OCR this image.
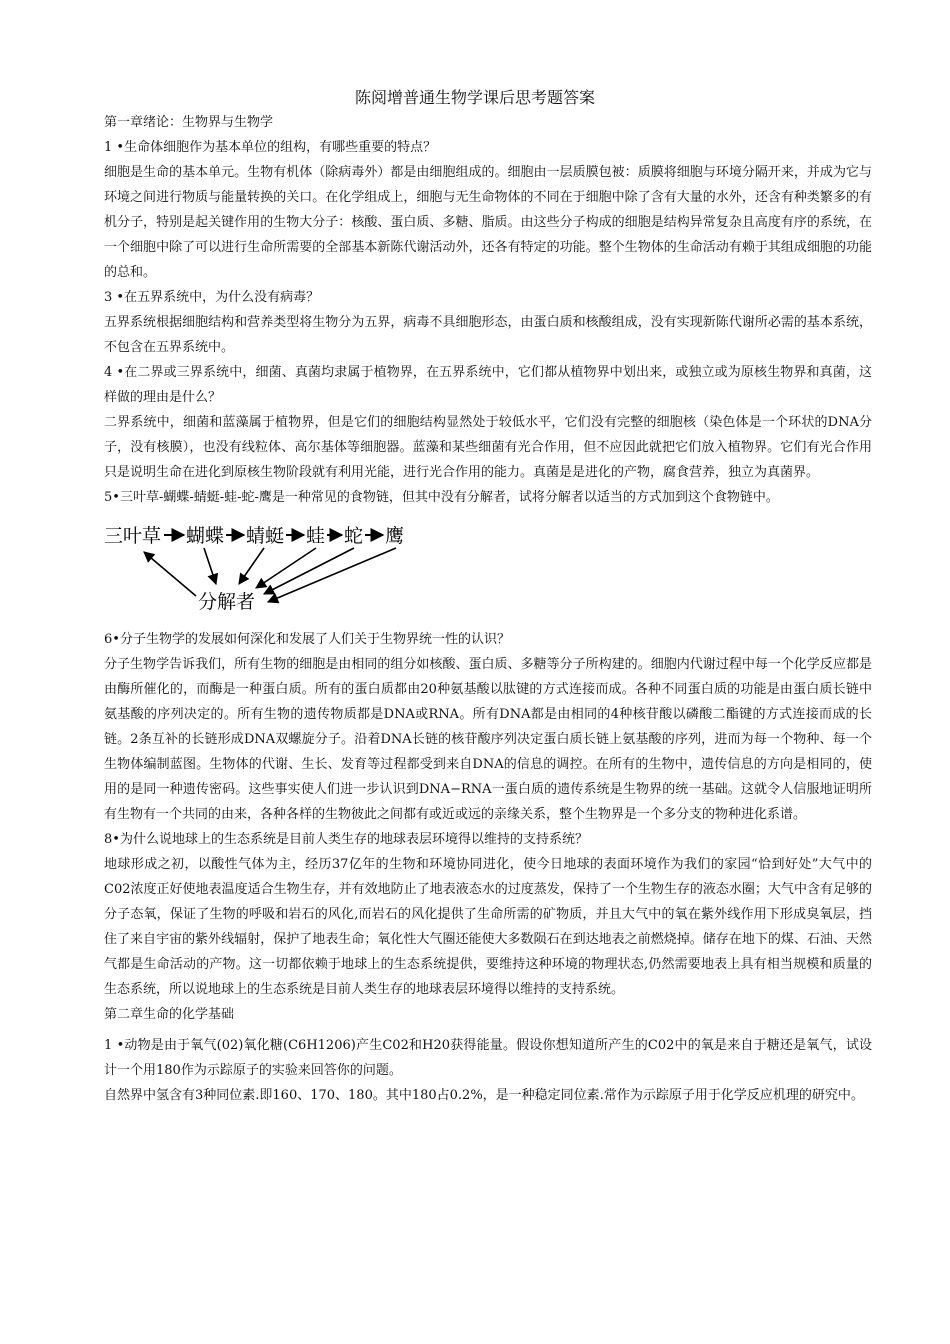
陈阅增普通生物学课后思考题答案

第一章绪论：生物界与生物学

1 •生命体细胞作为基本单位的组构，有哪些重要的特点？

细胞是生命的基本单元。生物有机体（除病毒外）都是由细胞组成的。细胞由一层质膜包被：质膜将细胞与环境分隔开来，并成为它与环境之间进行物质与能量转换的关口。在化学组成上，细胞与无生命物体的不同在于细胞中除了含有大量的水外，还含有种类繁多的有机分子，特别是起关键作用的生物大分子：核酸、蛋白质、多糖、脂质。由这些分子构成的细胞是结构异常复杂且高度有序的系统，在一个细胞中除了可以进行生命所需要的全部基本新陈代谢活动外，还各有特定的功能。整个生物体的生命活动有赖于其组成细胞的功能的总和。

3 •在五界系统中，为什么没有病毒？

五界系统根据细胞结构和营养类型将生物分为五界，病毒不具细胞形态，由蛋白质和核酸组成，没有实现新陈代谢所必需的基本系统，不包含在五界系统中。

4 •在二界或三界系统中，细菌、真菌均隶属于植物界，在五界系统中，它们都从植物界中划出来，或独立或为原核生物界和真菌，这样做的理由是什么？

二界系统中，细菌和蓝藻属于植物界，但是它们的细胞结构显然处于较低水平，它们没有完整的细胞核（染色体是一个环状的DNA分子，没有核膜），也没有线粒体、高尔基体等细胞器。蓝藻和某些细菌有光合作用，但不应因此就把它们放入植物界。它们有光合作用只是说明生命在进化到原核生物阶段就有利用光能，进行光合作用的能力。真菌是是进化的产物，腐食营养，独立为真菌界。

5•三叶草-蝴蝶-蜻蜓-蛙-蛇-鹰是一种常见的食物链，但其中没有分解者，试将分解者以适当的方式加到这个食物链中。

三叶草 蝴蝶 蜻蜓 蛙 蛇 鹰
分解者

6•分子生物学的发展如何深化和发展了人们关于生物界统一性的认识？

分子生物学告诉我们，所有生物的细胞是由相同的组分如核酸、蛋白质、多糖等分子所构建的。细胞内代谢过程中每一个化学反应都是由酶所催化的，而酶是一种蛋白质。所有的蛋白质都由20种氨基酸以肽键的方式连接而成。各种不同蛋白质的功能是由蛋白质长链中氨基酸的序列决定的。所有生物的遗传物质都是DNA或RNA。所有DNA都是由相同的4种核苷酸以磷酸二酯键的方式连接而成的长链。2条互补的长链形成DNA双螺旋分子。沿着DNA长链的核苷酸序列决定蛋白质长链上氨基酸的序列，进而为每一个物种、每一个生物体编制蓝图。生物体的代谢、生长、发育等过程都受到来自DNA的信息的调控。在所有的生物中，遗传信息的方向是相同的，使用的是同一种遗传密码。这些事实使人们进一步认识到DNA−RNA一蛋白质的遗传系统是生物界的统一基础。这就令人信服地证明所有生物有一个共同的由来，各种各样的生物彼此之间都有或近或远的亲缘关系，整个生物界是一个多分支的物种进化系谱。

8•为什么说地球上的生态系统是目前人类生存的地球表层环境得以维持的支持系统？

地球形成之初，以酸性气体为主，经历37亿年的生物和环境协同进化，使今日地球的表面环境作为我们的家园“恰到好处”大气中的C02浓度正好使地表温度适合生物生存，并有效地防止了地表液态水的过度蒸发，保持了一个生物生存的液态水圈；大气中含有足够的分子态氧，保证了生物的呼吸和岩石的风化,而岩石的风化提供了生命所需的矿物质，并且大气中的氧在紫外线作用下形成臭氧层，挡住了来自宇宙的紫外线辐射，保护了地表生命；氧化性大气圈还能使大多数陨石在到达地表之前燃烧掉。储存在地下的煤、石油、天然气都是生命活动的产物。这一切都依赖于地球上的生态系统提供，要维持这种环境的物理状态,仍然需要地表上具有相当规模和质量的生态系统，所以说地球上的生态系统是目前人类生存的地球表层环境得以维持的支持系统。

第二章生命的化学基础

1 •动物是由于氧气(02)氧化糖(C6H1206)产生C02和H20获得能量。假设你想知道所产生的C02中的氧是来自于糖还是氧气，试设计一个用180作为示踪原子的实验来回答你的问题。

自然界中氢含有3种同位素.即160、170、180。其中180占0.2%，是一种稳定同位素.常作为示踪原子用于化学反应机理的研究中。
